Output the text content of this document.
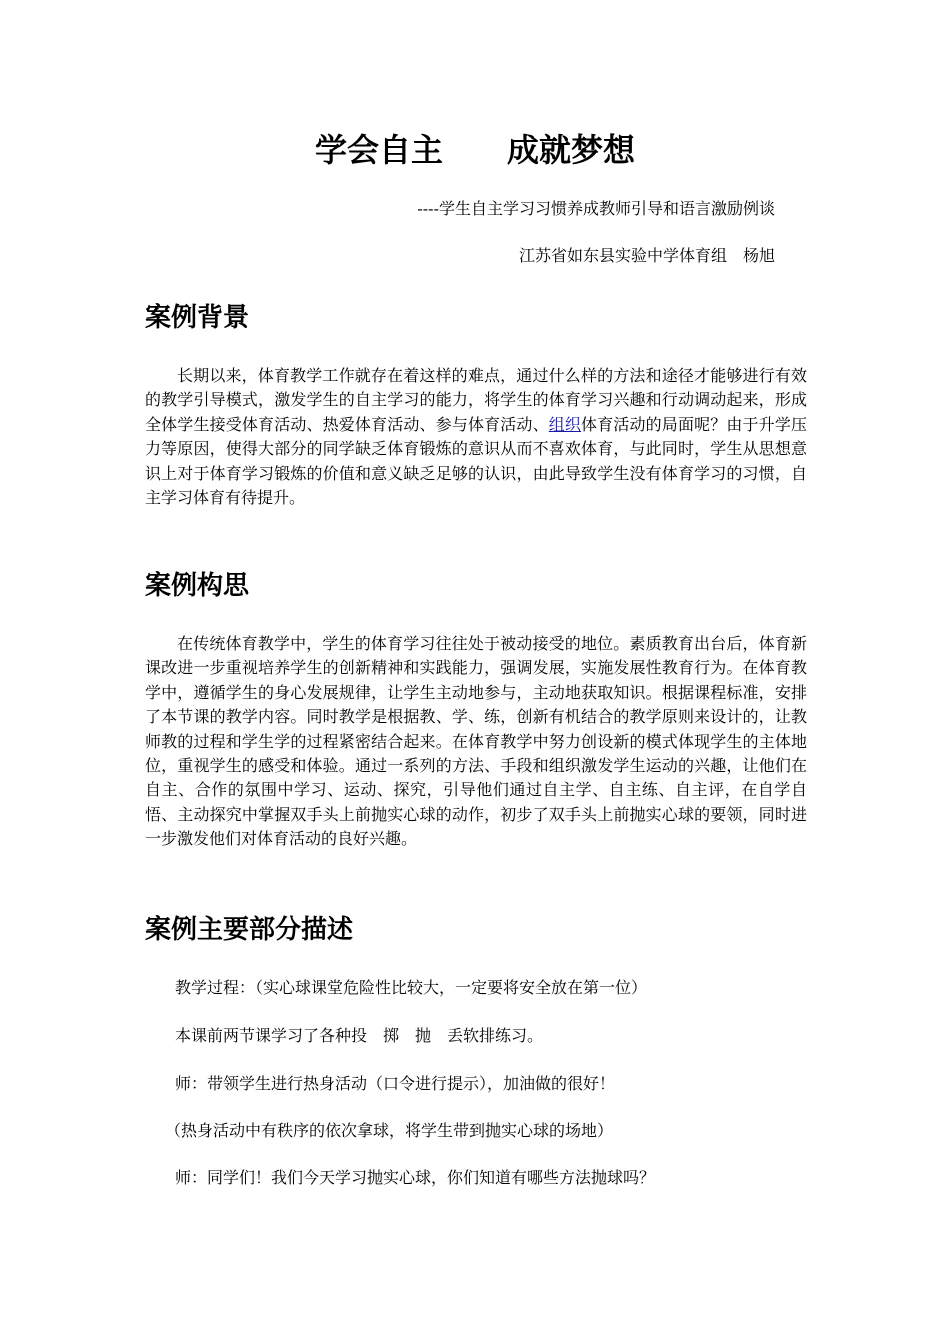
学会自主　　成就梦想
----学生自主学习习惯养成教师引导和语言激励例谈
江苏省如东县实验中学体育组　杨旭
案例背景
长期以来，体育教学工作就存在着这样的难点，通过什么样的方法和途径才能够进行有效的教学引导模式，激发学生的自主学习的能力，将学生的体育学习兴趣和行动调动起来，形成全体学生接受体育活动、热爱体育活动、参与体育活动、组织体育活动的局面呢？由于升学压力等原因，使得大部分的同学缺乏体育锻炼的意识从而不喜欢体育，与此同时，学生从思想意识上对于体育学习锻炼的价值和意义缺乏足够的认识，由此导致学生没有体育学习的习惯，自主学习体育有待提升。
案例构思
在传统体育教学中，学生的体育学习往往处于被动接受的地位。素质教育出台后，体育新课改进一步重视培养学生的创新精神和实践能力，强调发展，实施发展性教育行为。在体育教学中，遵循学生的身心发展规律，让学生主动地参与，主动地获取知识。根据课程标准，安排了本节课的教学内容。同时教学是根据教、学、练，创新有机结合的教学原则来设计的，让教师教的过程和学生学的过程紧密结合起来。在体育教学中努力创设新的模式体现学生的主体地位，重视学生的感受和体验。通过一系列的方法、手段和组织激发学生运动的兴趣，让他们在自主、合作的氛围中学习、运动、探究，引导他们通过自主学、自主练、自主评，在自学自悟、主动探究中掌握双手头上前抛实心球的动作，初步了双手头上前抛实心球的要领，同时进一步激发他们对体育活动的良好兴趣。
案例主要部分描述
教学过程：（实心球课堂危险性比较大，一定要将安全放在第一位）
本课前两节课学习了各种投　掷　抛　丢软排练习。
师：带领学生进行热身活动（口令进行提示），加油做的很好！
（热身活动中有秩序的依次拿球，将学生带到抛实心球的场地）
师：同学们！我们今天学习抛实心球，你们知道有哪些方法抛球吗？
